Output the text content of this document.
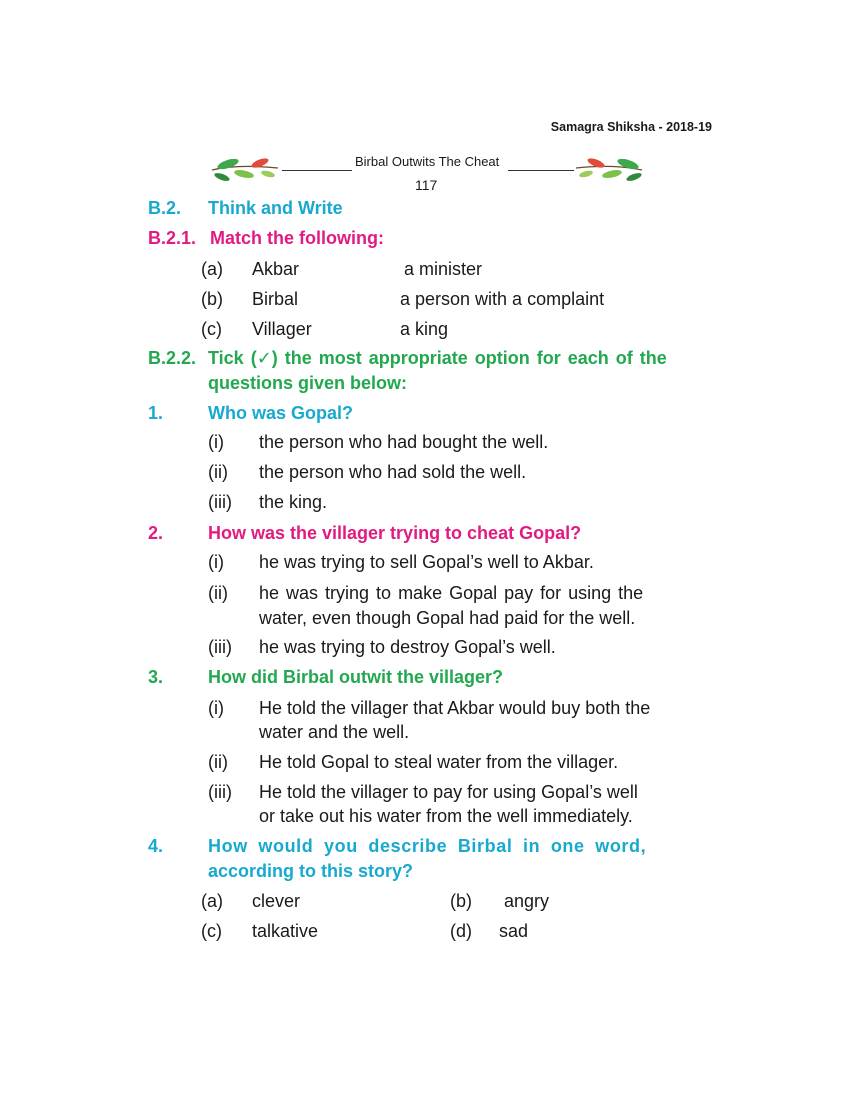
Samagra Shiksha - 2018-19
Birbal Outwits The Cheat
117
B.2. Think and Write
B.2.1. Match the following:
(a) Akbar	a minister
(b) Birbal	a person with a complaint
(c) Villager	a king
B.2.2. Tick (✓) the most appropriate option for each of the
questions given below:
1. Who was Gopal?
(i) the person who had bought the well.
(ii) the person who had sold the well.
(iii) the king.
2. How was the villager trying to cheat Gopal?
(i) he was trying to sell Gopal’s well to Akbar.
(ii) he was trying to make Gopal pay for using the
water, even though Gopal had paid for the well.
(iii) he was trying to destroy Gopal’s well.
3. How did Birbal outwit the villager?
(i) He told the villager that Akbar would buy both the
water and the well.
(ii) He told Gopal to steal water from the villager.
(iii) He told the villager to pay for using Gopal’s well
or take out his water from the well immediately.
4. How would you describe Birbal in one word,
according to this story?
(a) clever	(b) angry
(c) talkative	(d) sad
